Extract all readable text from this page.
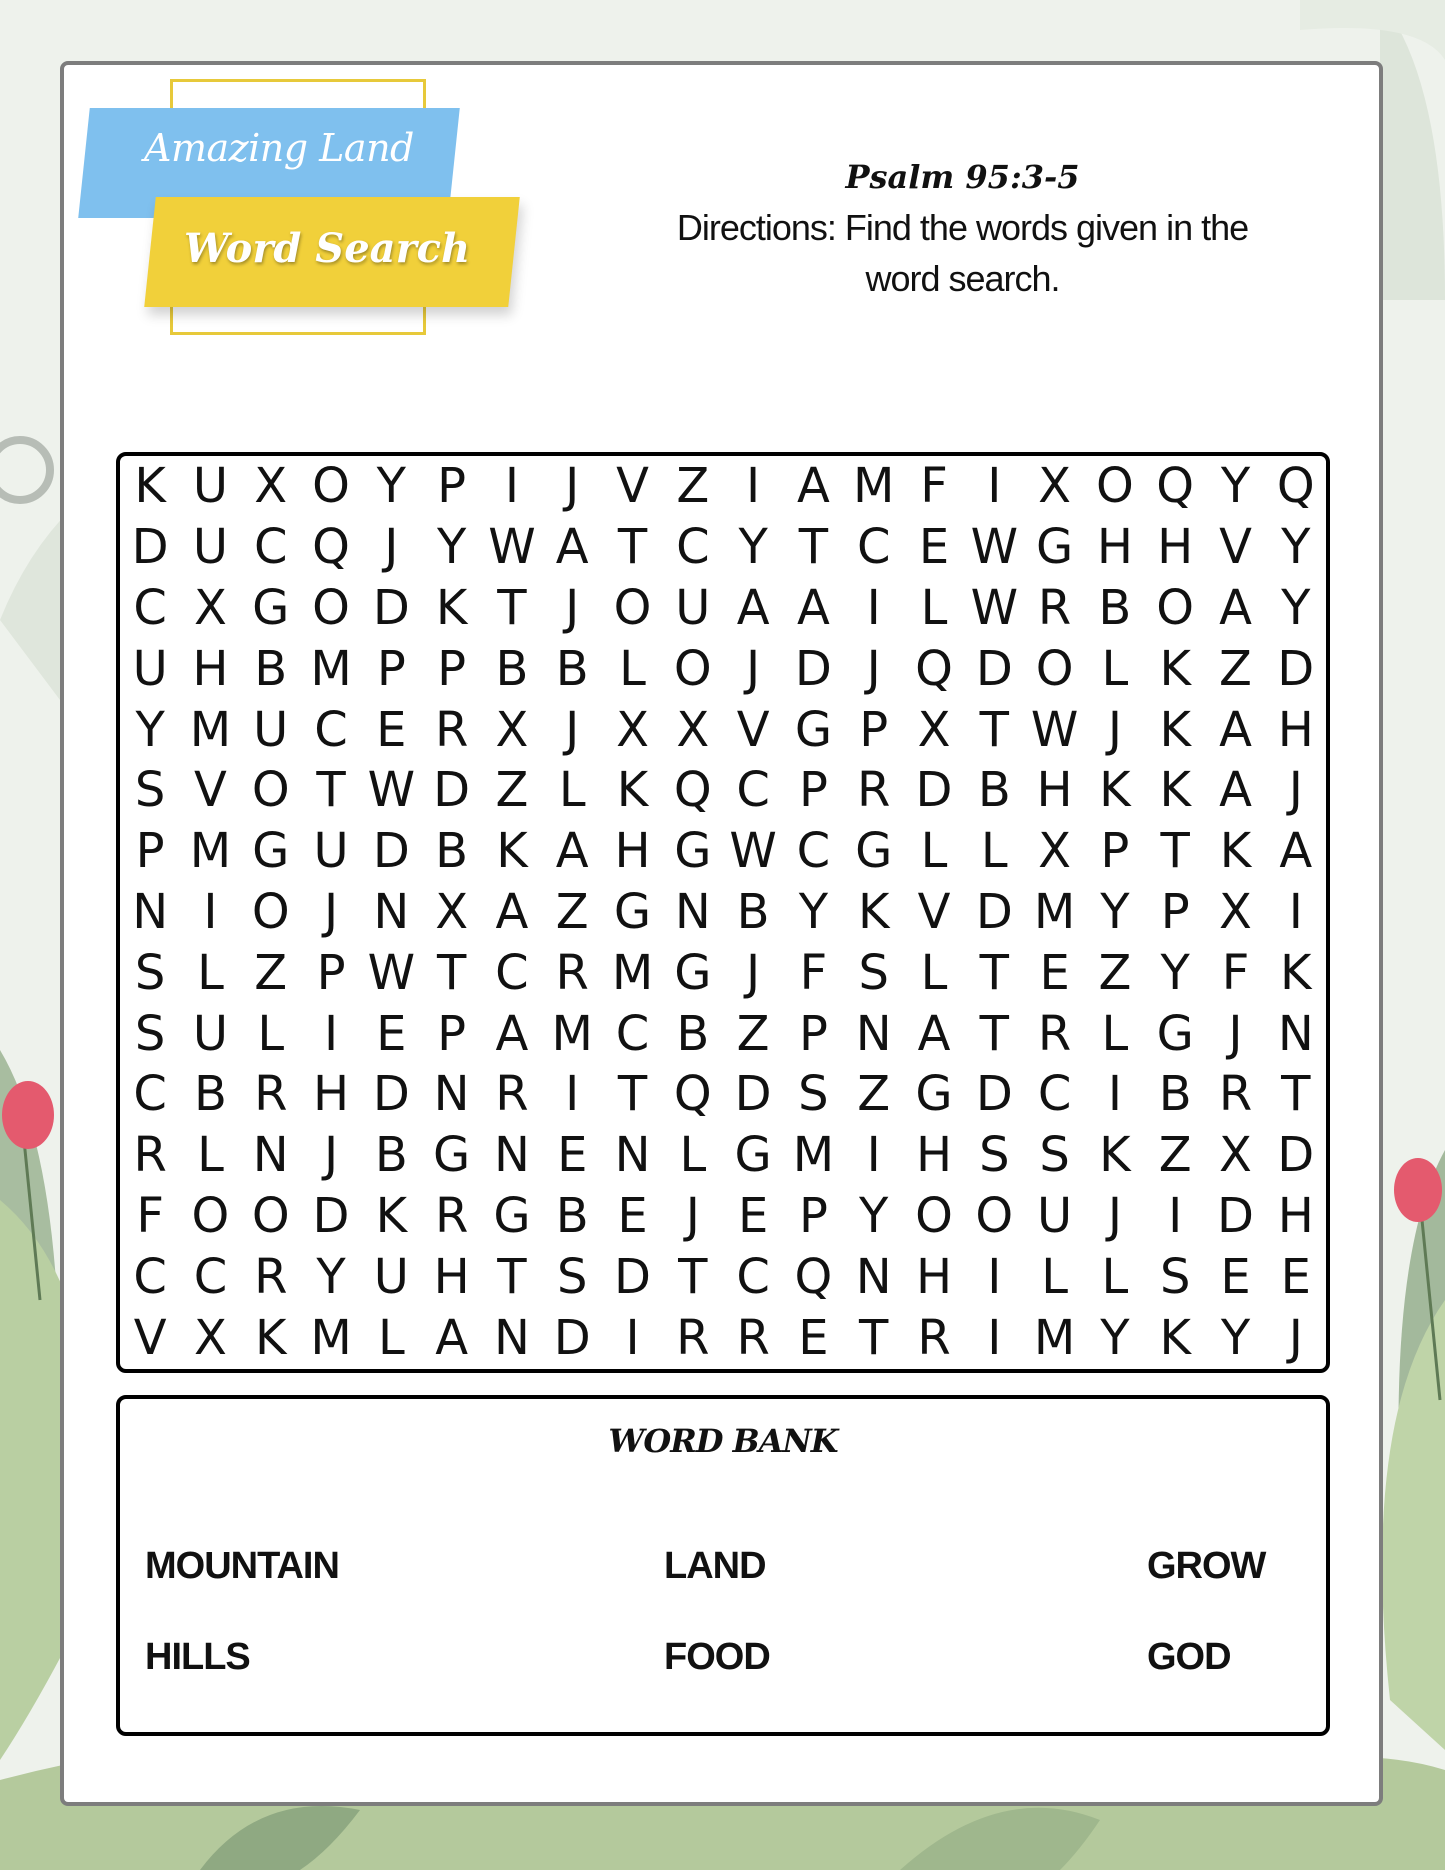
Amazing Land
Word Search
Psalm 95:3-5
Directions: Find the words given in the
word search.
K U X O Y P I J V Z I A M F I X O Q Y Q
D U C Q J Y W A T C Y T C E W G H H V Y
C X G O D K T J O U A A I L W R B O A Y
U H B M P P B B L O J D J Q D O L K Z D
Y M U C E R X J X X V G P X T W J K A H
S V O T W D Z L K Q C P R D B H K K A J
P M G U D B K A H G W C G L L X P T K A
N I O J N X A Z G N B Y K V D M Y P X I
S L Z P W T C R M G J F S L T E Z Y F K
S U L I E P A M C B Z P N A T R L G J N
C B R H D N R I T Q D S Z G D C I B R T
R L N J B G N E N L G M I H S S K Z X D
F O O D K R G B E J E P Y O O U J I D H
C C R Y U H T S D T C Q N H I L L S E E
V X K M L A N D I R R E T R I M Y K Y J
WORD BANK
MOUNTAIN	LAND	GROW
HILLS	FOOD	GOD
